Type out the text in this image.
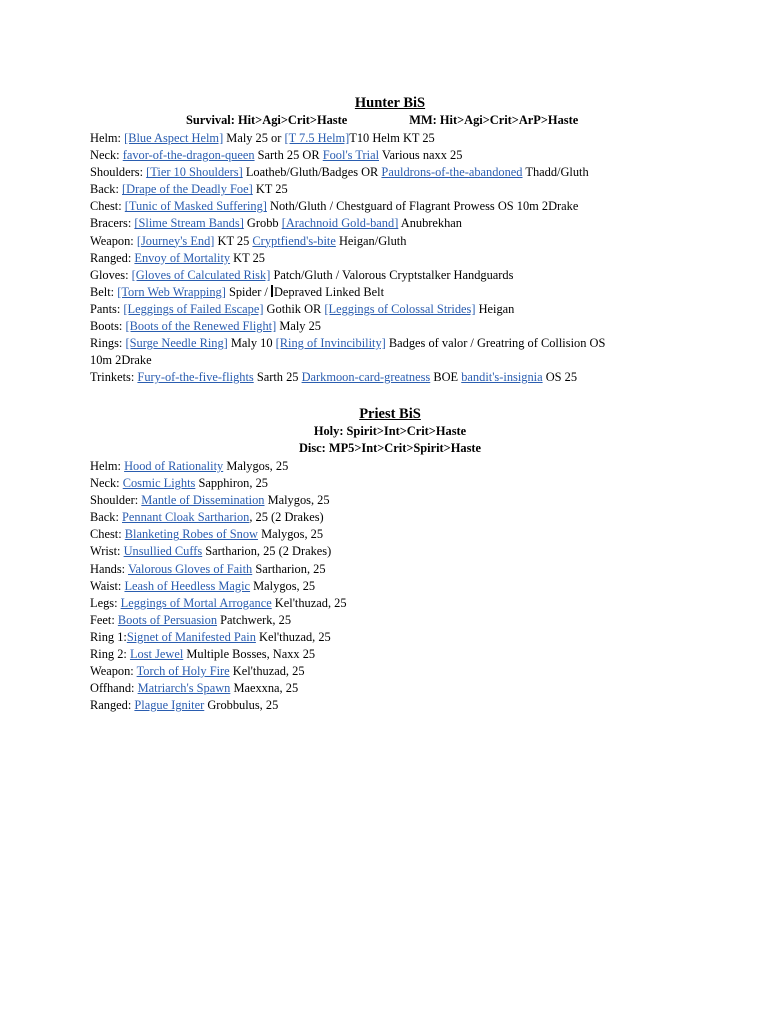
Hunter BiS
Survival: Hit>Agi>Crit>Haste	MM: Hit>Agi>Crit>ArP>Haste
Helm: [Blue Aspect Helm] Maly 25 or [T 7.5 Helm]T10 Helm KT 25
Neck: favor-of-the-dragon-queen Sarth 25 OR Fool's Trial Various naxx 25
Shoulders: [Tier 10 Shoulders] Loatheb/Gluth/Badges OR Pauldrons-of-the-abandoned Thadd/Gluth
Back: [Drape of the Deadly Foe] KT 25
Chest: [Tunic of Masked Suffering] Noth/Gluth / Chestguard of Flagrant Prowess OS 10m 2Drake
Bracers: [Slime Stream Bands] Grobb [Arachnoid Gold-band] Anubrekhan
Weapon: [Journey's End] KT 25 Cryptfiend's-bite Heigan/Gluth
Ranged: Envoy of Mortality KT 25
Gloves: [Gloves of Calculated Risk] Patch/Gluth / Valorous Cryptstalker Handguards
Belt: [Torn Web Wrapping] Spider / Depraved Linked Belt
Pants: [Leggings of Failed Escape] Gothik OR [Leggings of Colossal Strides] Heigan
Boots: [Boots of the Renewed Flight] Maly 25
Rings: [Surge Needle Ring] Maly 10 [Ring of Invincibility] Badges of valor / Greatring of Collision OS 10m 2Drake
Trinkets: Fury-of-the-five-flights Sarth 25 Darkmoon-card-greatness BOE bandit's-insignia OS 25
Priest BiS
Holy: Spirit>Int>Crit>Haste
Disc: MP5>Int>Crit>Spirit>Haste
Helm: Hood of Rationality Malygos, 25
Neck: Cosmic Lights Sapphiron, 25
Shoulder: Mantle of Dissemination Malygos, 25
Back: Pennant Cloak Sartharion, 25 (2 Drakes)
Chest: Blanketing Robes of Snow Malygos, 25
Wrist: Unsullied Cuffs Sartharion, 25 (2 Drakes)
Hands: Valorous Gloves of Faith Sartharion, 25
Waist: Leash of Heedless Magic Malygos, 25
Legs: Leggings of Mortal Arrogance Kel'thuzad, 25
Feet: Boots of Persuasion Patchwerk, 25
Ring 1:Signet of Manifested Pain Kel'thuzad, 25
Ring 2: Lost Jewel Multiple Bosses, Naxx 25
Weapon: Torch of Holy Fire Kel'thuzad, 25
Offhand: Matriarch's Spawn Maexxna, 25
Ranged: Plague Igniter Grobbulus, 25
